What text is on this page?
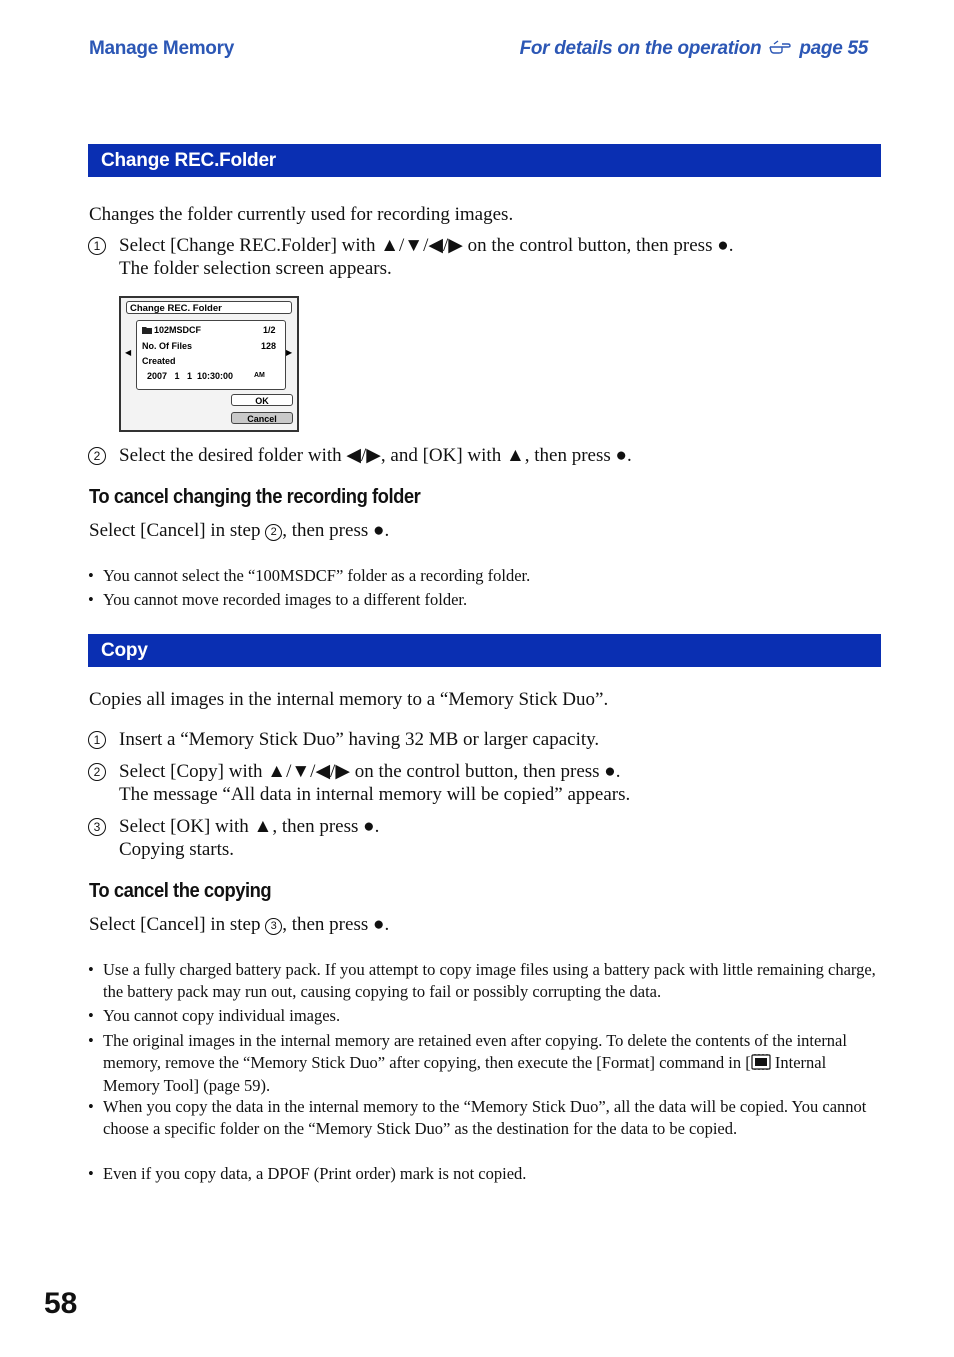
Manage Memory	For details on the operation page 55
Change REC.Folder
Changes the folder currently used for recording images.
1 Select [Change REC.Folder] with ▲/▼/◀/▶ on the control button, then press ●.
The folder selection screen appears.
Change REC. Folder
◀	▶
102MSDCF	1/2
No. Of Files	128
Created
2007   1   1  10:30:00	AM
OK
Cancel
2 Select the desired folder with ◀/▶, and [OK] with ▲, then press ●.
To cancel changing the recording folder
Select [Cancel] in step 2 , then press ●.
• You cannot select the “100MSDCF” folder as a recording folder.
• You cannot move recorded images to a different folder.
Copy
Copies all images in the internal memory to a “Memory Stick Duo”.
1 Insert a “Memory Stick Duo” having 32 MB or larger capacity.
2 Select [Copy] with ▲/▼/◀/▶ on the control button, then press ●.
The message “All data in internal memory will be copied” appears.
3 Select [OK] with ▲, then press ●.
Copying starts.
To cancel the copying
Select [Cancel] in step 3 , then press ●.
• Use a fully charged battery pack. If you attempt to copy image files using a battery pack with little remaining charge, the battery pack may run out, causing copying to fail or possibly corrupting the data.
• You cannot copy individual images.
• The original images in the internal memory are retained even after copying. To delete the contents of the internal memory, remove the “Memory Stick Duo” after copying, then execute the [Format] command in [ Internal Memory Tool] (page 59).
• When you copy the data in the internal memory to the “Memory Stick Duo”, all the data will be copied. You cannot choose a specific folder on the “Memory Stick Duo” as the destination for the data to be copied.
• Even if you copy data, a DPOF (Print order) mark is not copied.
58
